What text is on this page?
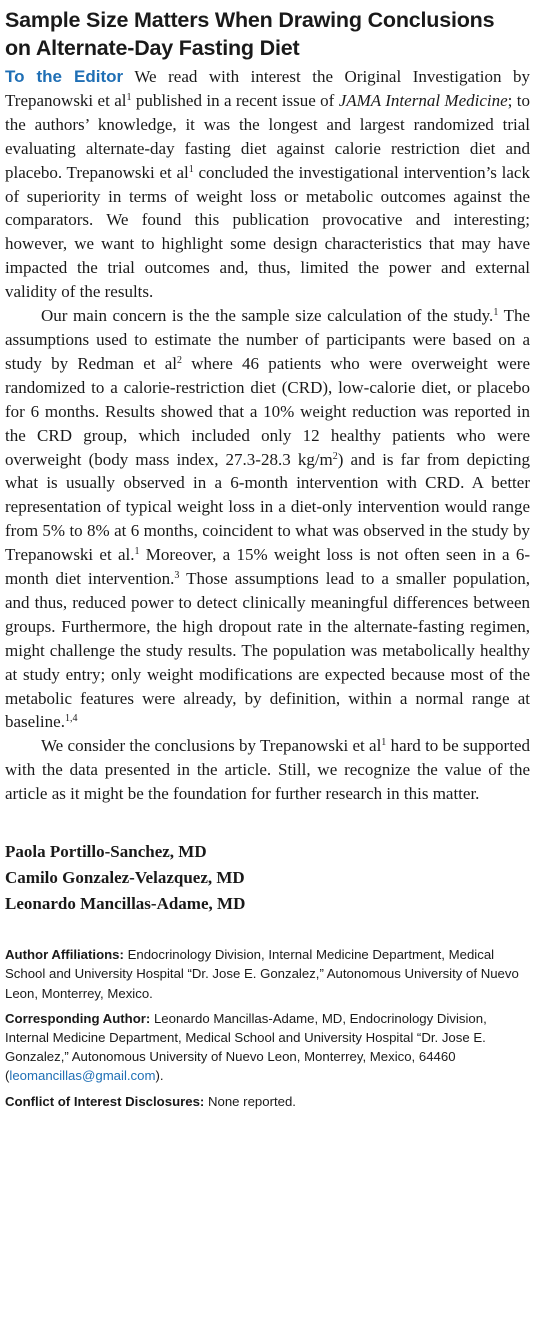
Sample Size Matters When Drawing Conclusions
on Alternate-Day Fasting Diet

To the Editor We read with interest the Original Investigation by Trepanowski et $al^1$ published in a recent issue of JAMA Internal Medicine; to the authors’ knowledge, it was the longest and largest randomized trial evaluating alternate-day fasting diet against calorie restriction diet and placebo. Trepanowski et $al^1$ concluded the investigational intervention’s lack of superiority in terms of weight loss or metabolic outcomes against the comparators. We found this publication provocative and interesting; however, we want to highlight some design characteristics that may have impacted the trial outcomes and, thus, limited the power and external validity of the results.

Our main concern is the the sample size calculation of the study.$^1$ The assumptions used to estimate the number of participants were based on a study by Redman et $al^2$ where 46 patients who were overweight were randomized to a calorie-restriction diet (CRD), low-calorie diet, or placebo for 6 months. Results showed that a 10% weight reduction was reported in the CRD group, which included only 12 healthy patients who were overweight (body mass index, 27.3-28.3 $kg/m^2$) and is far from depicting what is usually observed in a 6-month intervention with CRD. A better representation of typical weight loss in a diet-only intervention would range from 5% to 8% at 6 months, coincident to what was observed in the study by Trepanowski et al.$^1$ Moreover, a 15% weight loss is not often seen in a 6-month diet intervention.$^3$ Those assumptions lead to a smaller population, and thus, reduced power to detect clinically meaningful differences between groups. Furthermore, the high dropout rate in the alternate-fasting regimen, might challenge the study results. The population was metabolically healthy at study entry; only weight modifications are expected because most of the metabolic features were already, by definition, within a normal range at baseline.$^{1,4}$

We consider the conclusions by Trepanowski et $al^1$ hard to be supported with the data presented in the article. Still, we recognize the value of the article as it might be the foundation for further research in this matter.

Paola Portillo-Sanchez, MD
Camilo Gonzalez-Velazquez, MD
Leonardo Mancillas-Adame, MD

Author Affiliations: Endocrinology Division, Internal Medicine Department, Medical School and University Hospital “Dr. Jose E. Gonzalez,” Autonomous University of Nuevo Leon, Monterrey, Mexico.

Corresponding Author: Leonardo Mancillas-Adame, MD, Endocrinology Division, Internal Medicine Department, Medical School and University Hospital “Dr. Jose E. Gonzalez,” Autonomous University of Nuevo Leon, Monterrey, Mexico, 64460 (leomancillas@gmail.com).

Conflict of Interest Disclosures: None reported.
